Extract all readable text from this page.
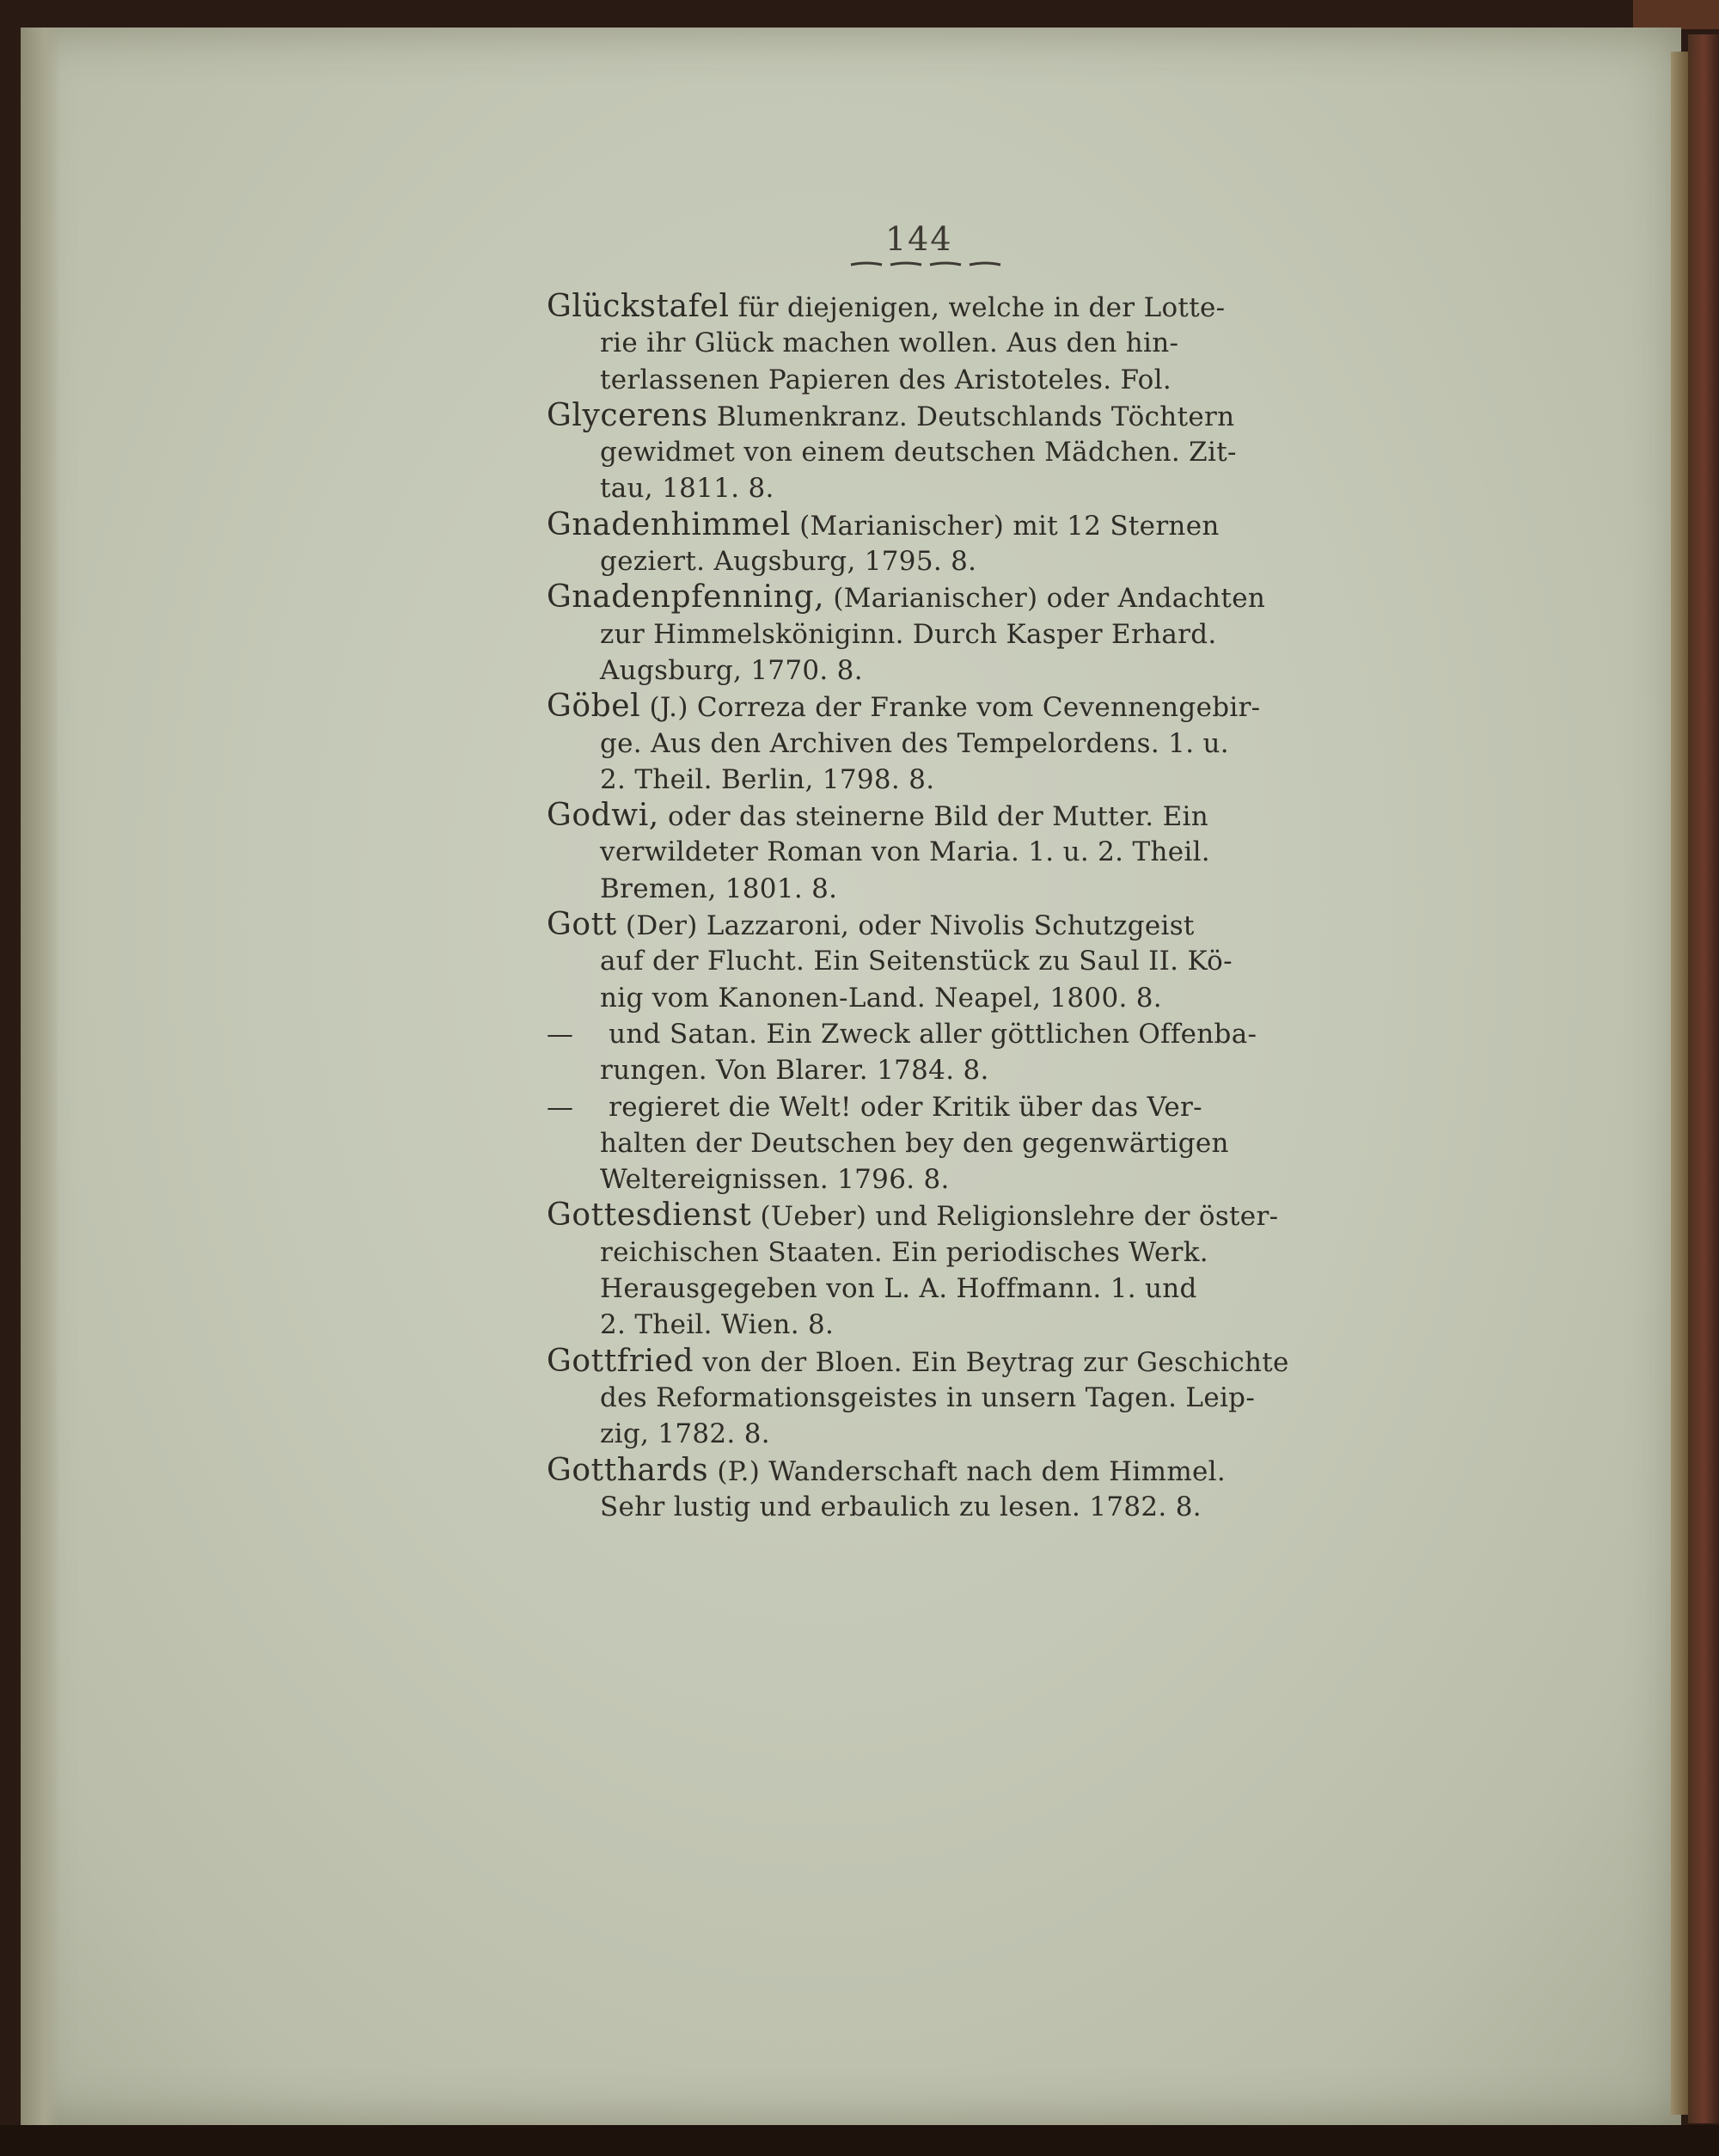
144
Glückstafel für diejenigen, welche in der Lotte-
rie ihr Glück machen wollen. Aus den hin-
terlassenen Papieren des Aristoteles. Fol.
Glycerens Blumenkranz. Deutschlands Töchtern
gewidmet von einem deutschen Mädchen. Zit-
tau, 1811. 8.
Gnadenhimmel (Marianischer) mit 12 Sternen
geziert. Augsburg, 1795. 8.
Gnadenpfenning, (Marianischer) oder Andachten
zur Himmelsköniginn. Durch Kasper Erhard.
Augsburg, 1770. 8.
Göbel (J.) Correza der Franke vom Cevennengebir-
ge. Aus den Archiven des Tempelordens. 1. u.
2. Theil. Berlin, 1798. 8.
Godwi, oder das steinerne Bild der Mutter. Ein
verwildeter Roman von Maria. 1. u. 2. Theil.
Bremen, 1801. 8.
Gott (Der) Lazzaroni, oder Nivolis Schutzgeist
auf der Flucht. Ein Seitenstück zu Saul II. Kö-
nig vom Kanonen-Land. Neapel, 1800. 8.
— und Satan. Ein Zweck aller göttlichen Offenba-
rungen. Von Blarer. 1784. 8.
— regieret die Welt! oder Kritik über das Ver-
halten der Deutschen bey den gegenwärtigen
Weltereignissen. 1796. 8.
Gottesdienst (Ueber) und Religionslehre der öster-
reichischen Staaten. Ein periodisches Werk.
Herausgegeben von L. A. Hoffmann. 1. und
2. Theil. Wien. 8.
Gottfried von der Bloen. Ein Beytrag zur Geschichte
des Reformationsgeistes in unsern Tagen. Leip-
zig, 1782. 8.
Gotthards (P.) Wanderschaft nach dem Himmel.
Sehr lustig und erbaulich zu lesen. 1782. 8.
